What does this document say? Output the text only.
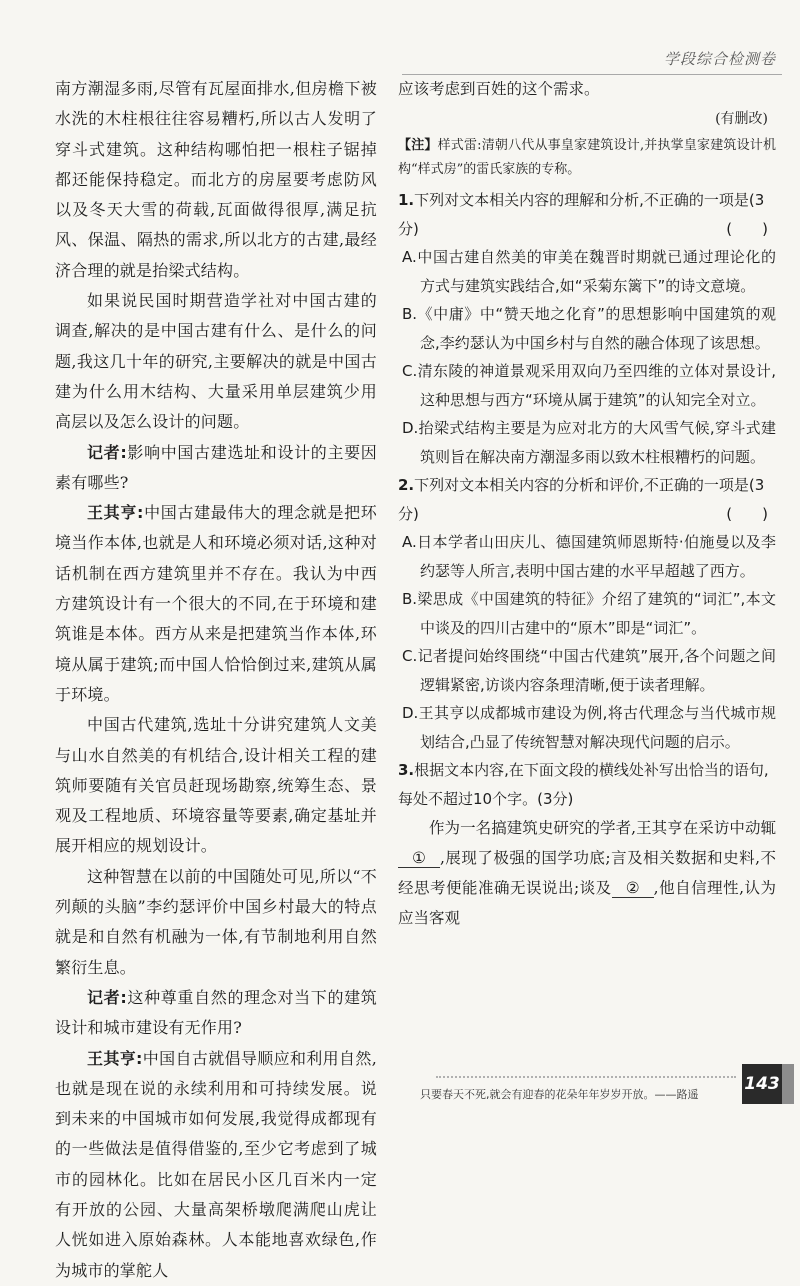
学段综合检测卷

南方潮湿多雨,尽管有瓦屋面排水,但房檐下被水洗的木柱根往往容易糟朽,所以古人发明了穿斗式建筑。这种结构哪怕把一根柱子锯掉都还能保持稳定。而北方的房屋要考虑防风以及冬天大雪的荷载,瓦面做得很厚,满足抗风、保温、隔热的需求,所以北方的古建,最经济合理的就是抬梁式结构。

如果说民国时期营造学社对中国古建的调查,解决的是中国古建有什么、是什么的问题,我这几十年的研究,主要解决的就是中国古建为什么用木结构、大量采用单层建筑少用高层以及怎么设计的问题。

记者:影响中国古建选址和设计的主要因素有哪些?

王其亨:中国古建最伟大的理念就是把环境当作本体,也就是人和环境必须对话,这种对话机制在西方建筑里并不存在。我认为中西方建筑设计有一个很大的不同,在于环境和建筑谁是本体。西方从来是把建筑当作本体,环境从属于建筑;而中国人恰恰倒过来,建筑从属于环境。

中国古代建筑,选址十分讲究建筑人文美与山水自然美的有机结合,设计相关工程的建筑师要随有关官员赶现场勘察,统筹生态、景观及工程地质、环境容量等要素,确定基址并展开相应的规划设计。

这种智慧在以前的中国随处可见,所以“不列颠的头脑”李约瑟评价中国乡村最大的特点就是和自然有机融为一体,有节制地利用自然繁衍生息。

记者:这种尊重自然的理念对当下的建筑设计和城市建设有无作用?

王其亨:中国自古就倡导顺应和利用自然,也就是现在说的永续利用和可持续发展。说到未来的中国城市如何发展,我觉得成都现有的一些做法是值得借鉴的,至少它考虑到了城市的园林化。比如在居民小区几百米内一定有开放的公园、大量高架桥墩爬满爬山虎让人恍如进入原始森林。人本能地喜欢绿色,作为城市的掌舵人

应该考虑到百姓的这个需求。

(有删改)

【注】样式雷:清朝八代从事皇家建筑设计,并执掌皇家建筑设计机构“样式房”的雷氏家族的专称。

1.下列对文本相关内容的理解和分析,不正确的一项是(3分)	(　　)

A.中国古建自然美的审美在魏晋时期就已通过理论化的方式与建筑实践结合,如“采菊东篱下”的诗文意境。

B.《中庸》中“赞天地之化育”的思想影响中国建筑的观念,李约瑟认为中国乡村与自然的融合体现了该思想。

C.清东陵的神道景观采用双向乃至四维的立体对景设计,这种思想与西方“环境从属于建筑”的认知完全对立。

D.抬梁式结构主要是为应对北方的大风雪气候,穿斗式建筑则旨在解决南方潮湿多雨以致木柱根糟朽的问题。

2.下列对文本相关内容的分析和评价,不正确的一项是(3分)	(　　)

A.日本学者山田庆儿、德国建筑师恩斯特·伯施曼以及李约瑟等人所言,表明中国古建的水平早超越了西方。

B.梁思成《中国建筑的特征》介绍了建筑的“词汇”,本文中谈及的四川古建中的“原木”即是“词汇”。

C.记者提问始终围绕“中国古代建筑”展开,各个问题之间逻辑紧密,访谈内容条理清晰,便于读者理解。

D.王其亨以成都城市建设为例,将古代理念与当代城市规划结合,凸显了传统智慧对解决现代问题的启示。

3.根据文本内容,在下面文段的横线处补写出恰当的语句,每处不超过10个字。(3分)

作为一名搞建筑史研究的学者,王其亨在采访中动辄① ,展现了极强的国学功底;言及相关数据和史料,不经思考便能准确无误说出;谈及 ② ,他自信理性,认为应当客观

只要春天不死,就会有迎春的花朵年年岁岁开放。——路遥
143
